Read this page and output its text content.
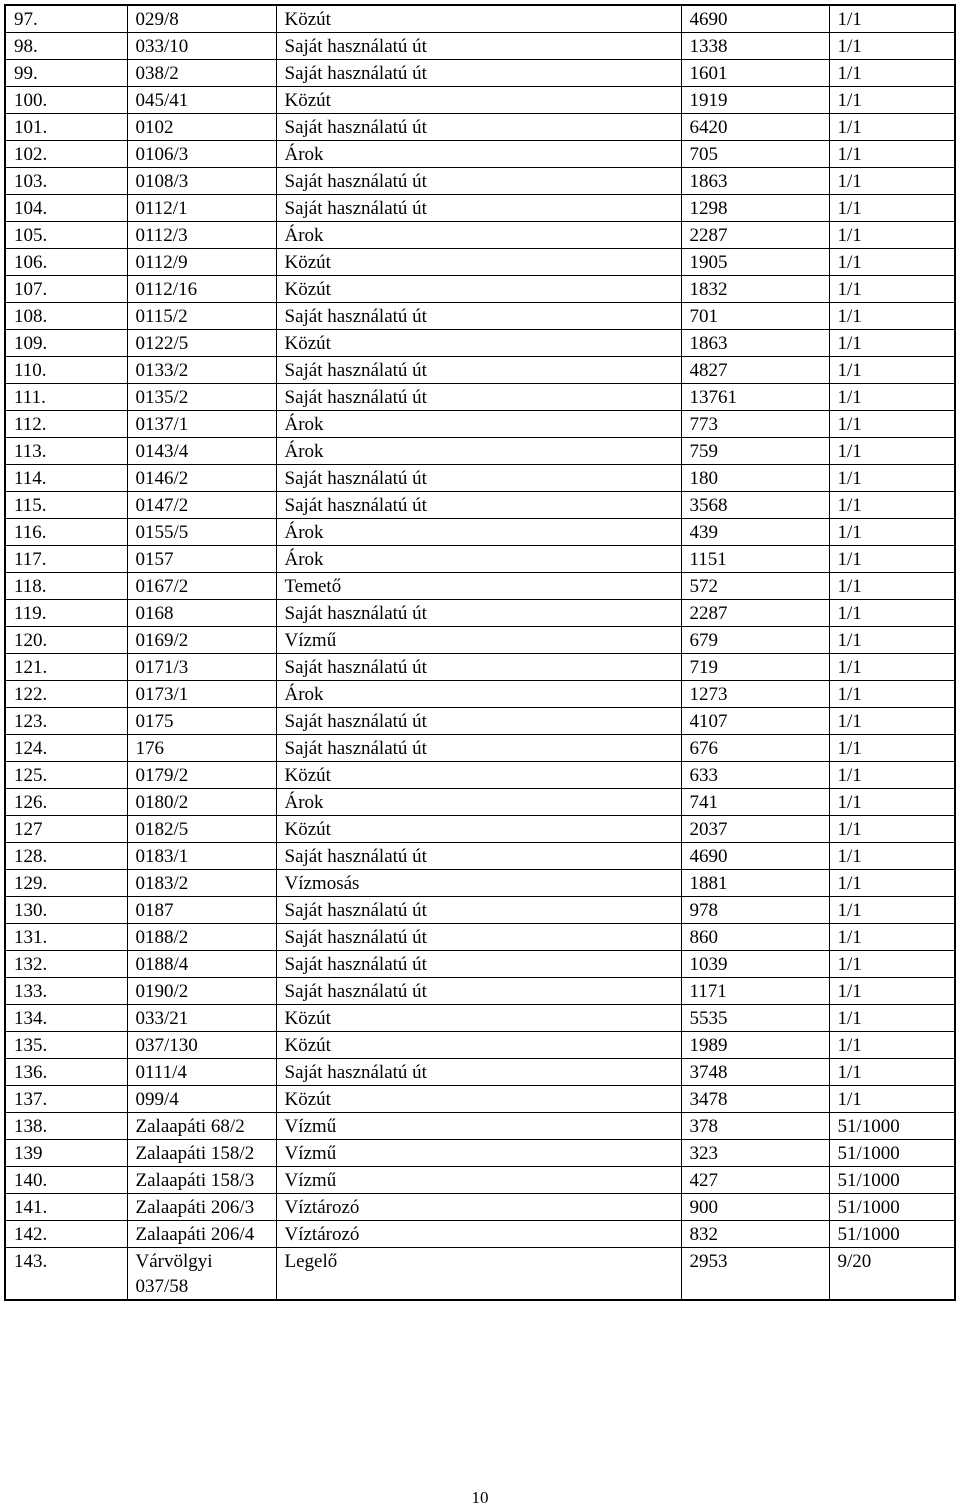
97.	029/8	Közút	4690	1/1
98.	033/10	Saját használatú út	1338	1/1
99.	038/2	Saját használatú út	1601	1/1
100.	045/41	Közút	1919	1/1
101.	0102	Saját használatú út	6420	1/1
102.	0106/3	Árok	705	1/1
103.	0108/3	Saját használatú út	1863	1/1
104.	0112/1	Saját használatú út	1298	1/1
105.	0112/3	Árok	2287	1/1
106.	0112/9	Közút	1905	1/1
107.	0112/16	Közút	1832	1/1
108.	0115/2	Saját használatú út	701	1/1
109.	0122/5	Közút	1863	1/1
110.	0133/2	Saját használatú út	4827	1/1
111.	0135/2	Saját használatú út	13761	1/1
112.	0137/1	Árok	773	1/1
113.	0143/4	Árok	759	1/1
114.	0146/2	Saját használatú út	180	1/1
115.	0147/2	Saját használatú út	3568	1/1
116.	0155/5	Árok	439	1/1
117.	0157	Árok	1151	1/1
118.	0167/2	Temető	572	1/1
119.	0168	Saját használatú út	2287	1/1
120.	0169/2	Vízmű	679	1/1
121.	0171/3	Saját használatú út	719	1/1
122.	0173/1	Árok	1273	1/1
123.	0175	Saját használatú út	4107	1/1
124.	176	Saját használatú út	676	1/1
125.	0179/2	Közút	633	1/1
126.	0180/2	Árok	741	1/1
127	0182/5	Közút	2037	1/1
128.	0183/1	Saját használatú út	4690	1/1
129.	0183/2	Vízmosás	1881	1/1
130.	0187	Saját használatú út	978	1/1
131.	0188/2	Saját használatú út	860	1/1
132.	0188/4	Saját használatú út	1039	1/1
133.	0190/2	Saját használatú út	1171	1/1
134.	033/21	Közút	5535	1/1
135.	037/130	Közút	1989	1/1
136.	0111/4	Saját használatú út	3748	1/1
137.	099/4	Közút	3478	1/1
138.	Zalaapáti 68/2	Vízmű	378	51/1000
139	Zalaapáti 158/2	Vízmű	323	51/1000
140.	Zalaapáti 158/3	Vízmű	427	51/1000
141.	Zalaapáti 206/3	Víztározó	900	51/1000
142.	Zalaapáti 206/4	Víztározó	832	51/1000
143.	Várvölgyi 037/58	Legelő	2953	9/20
10
